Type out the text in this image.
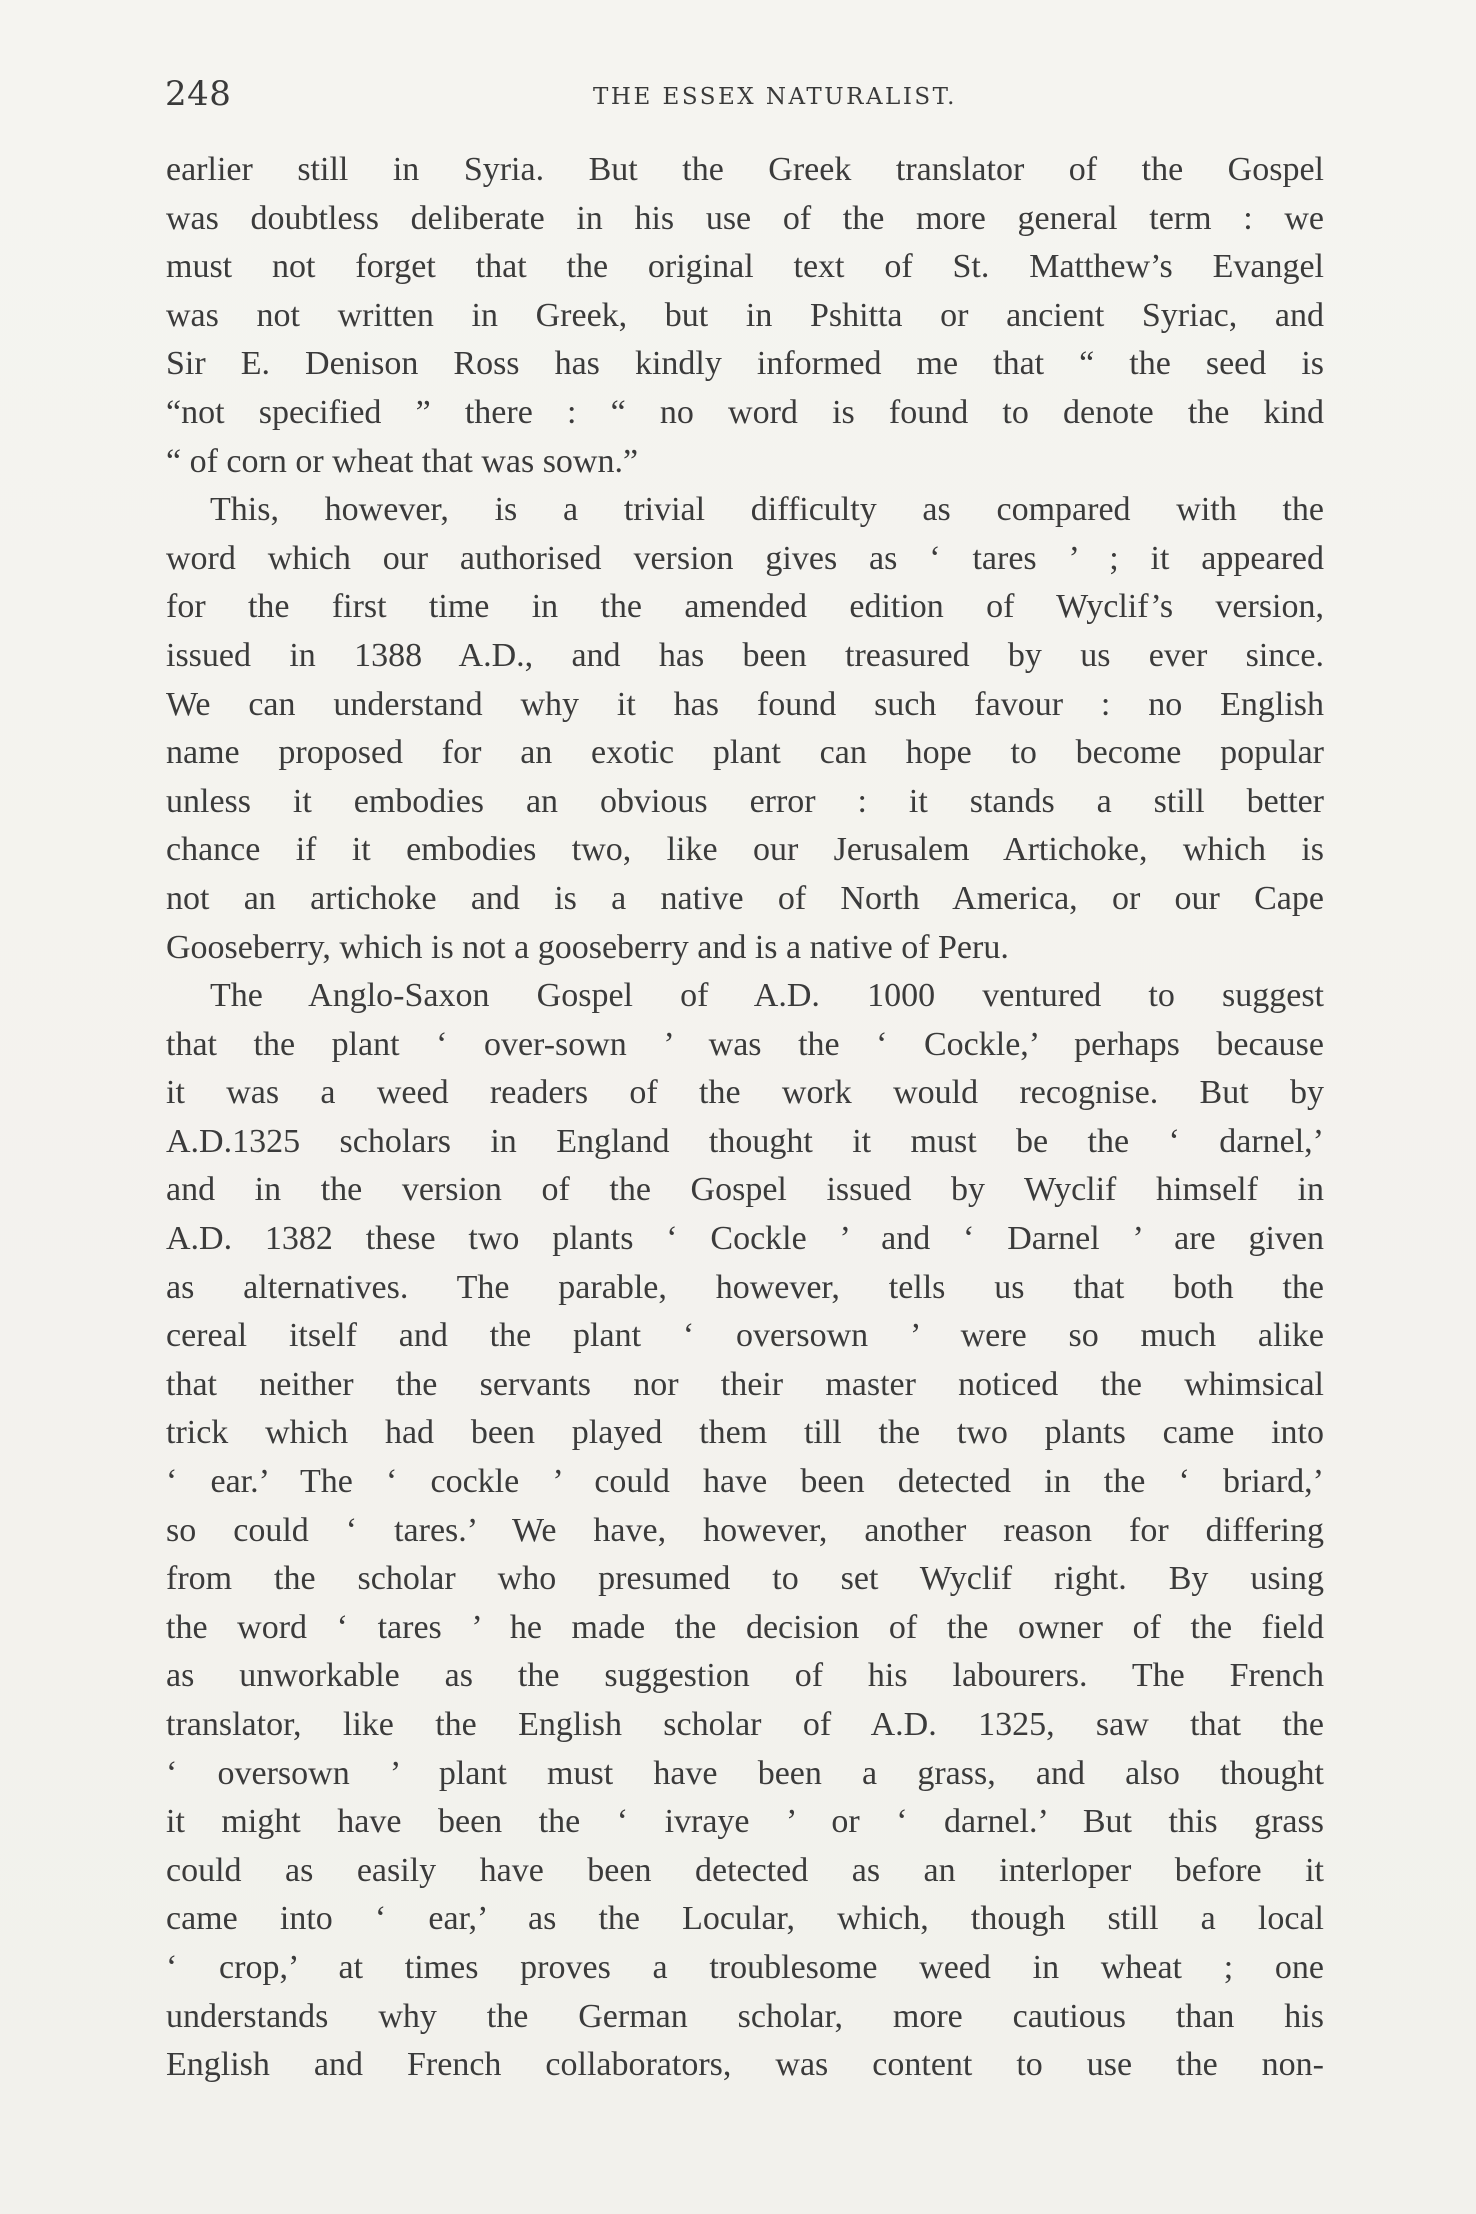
248	THE ESSEX NATURALIST.
earlier still in Syria. But the Greek translator of the Gospel
was doubtless deliberate in his use of the more general term : we
must not forget that the original text of St. Matthew’s Evangel
was not written in Greek, but in Pshitta or ancient Syriac, and
Sir E. Denison Ross has kindly informed me that “ the seed is
“not specified ” there : “ no word is found to denote the kind
“ of corn or wheat that was sown.”
This, however, is a trivial difficulty as compared with the
word which our authorised version gives as ‘ tares ’ ; it appeared
for the first time in the amended edition of Wyclif’s version,
issued in 1388 A.D., and has been treasured by us ever since.
We can understand why it has found such favour : no English
name proposed for an exotic plant can hope to become popular
unless it embodies an obvious error : it stands a still better
chance if it embodies two, like our Jerusalem Artichoke, which is
not an artichoke and is a native of North America, or our Cape
Gooseberry, which is not a gooseberry and is a native of Peru.
The Anglo-Saxon Gospel of A.D. 1000 ventured to suggest
that the plant ‘ over-sown ’ was the ‘ Cockle,’ perhaps because
it was a weed readers of the work would recognise. But by
A.D.1325 scholars in England thought it must be the ‘ darnel,’
and in the version of the Gospel issued by Wyclif himself in
A.D. 1382 these two plants ‘ Cockle ’ and ‘ Darnel ’ are given
as alternatives. The parable, however, tells us that both the
cereal itself and the plant ‘ oversown ’ were so much alike
that neither the servants nor their master noticed the whimsical
trick which had been played them till the two plants came into
‘ ear.’ The ‘ cockle ’ could have been detected in the ‘ briard,’
so could ‘ tares.’ We have, however, another reason for differing
from the scholar who presumed to set Wyclif right. By using
the word ‘ tares ’ he made the decision of the owner of the field
as unworkable as the suggestion of his labourers. The French
translator, like the English scholar of A.D. 1325, saw that the
‘ oversown ’ plant must have been a grass, and also thought
it might have been the ‘ ivraye ’ or ‘ darnel.’ But this grass
could as easily have been detected as an interloper before it
came into ‘ ear,’ as the Locular, which, though still a local
‘ crop,’ at times proves a troublesome weed in wheat ; one
understands why the German scholar, more cautious than his
English and French collaborators, was content to use the non-
